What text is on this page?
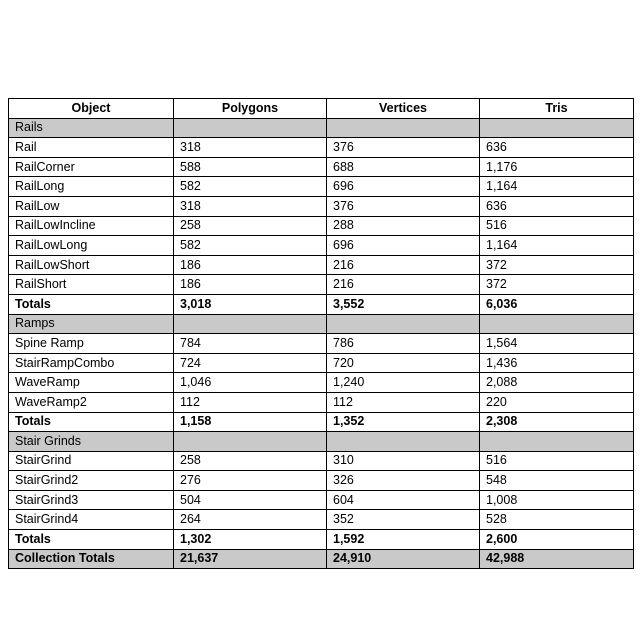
Object	Polygons	Vertices	Tris
Rails			
Rail	318	376	636
RailCorner	588	688	1,176
RailLong	582	696	1,164
RailLow	318	376	636
RailLowIncline	258	288	516
RailLowLong	582	696	1,164
RailLowShort	186	216	372
RailShort	186	216	372
Totals	3,018	3,552	6,036
Ramps			
Spine Ramp	784	786	1,564
StairRampCombo	724	720	1,436
WaveRamp	1,046	1,240	2,088
WaveRamp2	112	112	220
Totals	1,158	1,352	2,308
Stair Grinds			
StairGrind	258	310	516
StairGrind2	276	326	548
StairGrind3	504	604	1,008
StairGrind4	264	352	528
Totals	1,302	1,592	2,600
Collection Totals	21,637	24,910	42,988
